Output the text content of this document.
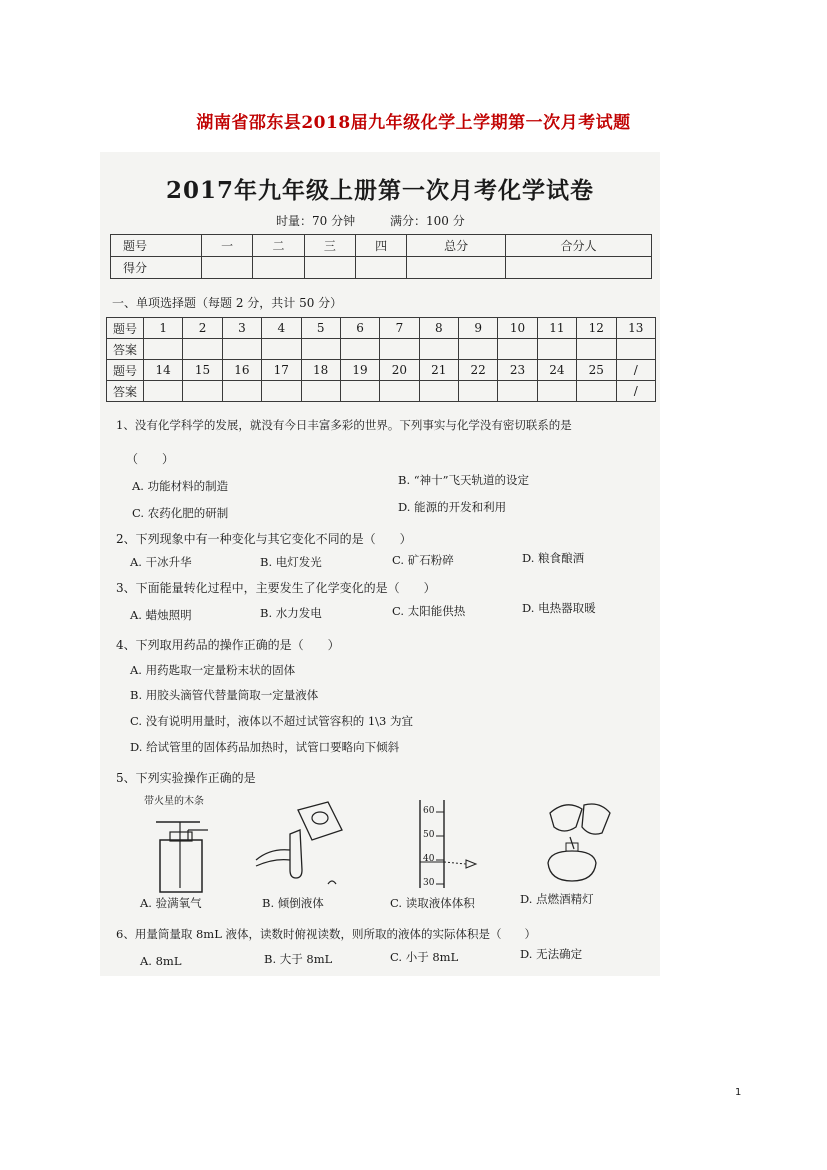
湖南省邵东县2018届九年级化学上学期第一次月考试题
2017年九年级上册第一次月考化学试卷
时量：70 分钟	满分：100 分
题号	一	二	三	四	总分	合分人
得分						
一、单项选择题（每题 2 分，共计 50 分）
题号	1	2	3	4	5	6	7	8	9	10	11	12	13
答案													
题号	14	15	16	17	18	19	20	21	22	23	24	25	/
答案													/
1、没有化学科学的发展，就没有今日丰富多彩的世界。下列事实与化学没有密切联系的是
（　　）
A. 功能材料的制造	B. “神十”飞天轨道的设定
C. 农药化肥的研制	D. 能源的开发和利用
2、下列现象中有一种变化与其它变化不同的是（　　）
A. 干冰升华	B. 电灯发光	C. 矿石粉碎	D. 粮食酿酒
3、下面能量转化过程中，主要发生了化学变化的是（　　）
A. 蜡烛照明	B. 水力发电	C. 太阳能供热	D. 电热器取暖
4、下列取用药品的操作正确的是（　　）
A. 用药匙取一定量粉末状的固体
B. 用胶头滴管代替量筒取一定量液体
C. 没有说明用量时，液体以不超过试管容积的 1\3 为宜
D. 给试管里的固体药品加热时，试管口要略向下倾斜
5、下列实验操作正确的是
带火星的木条
60
50
40
30
A. 验满氧气	B. 倾倒液体	C. 读取液体体积	D. 点燃酒精灯
6、用量筒量取 8mL 液体，读数时俯视读数，则所取的液体的实际体积是（　　）
A. 8mL	B. 大于 8mL	C. 小于 8mL	D. 无法确定
1
